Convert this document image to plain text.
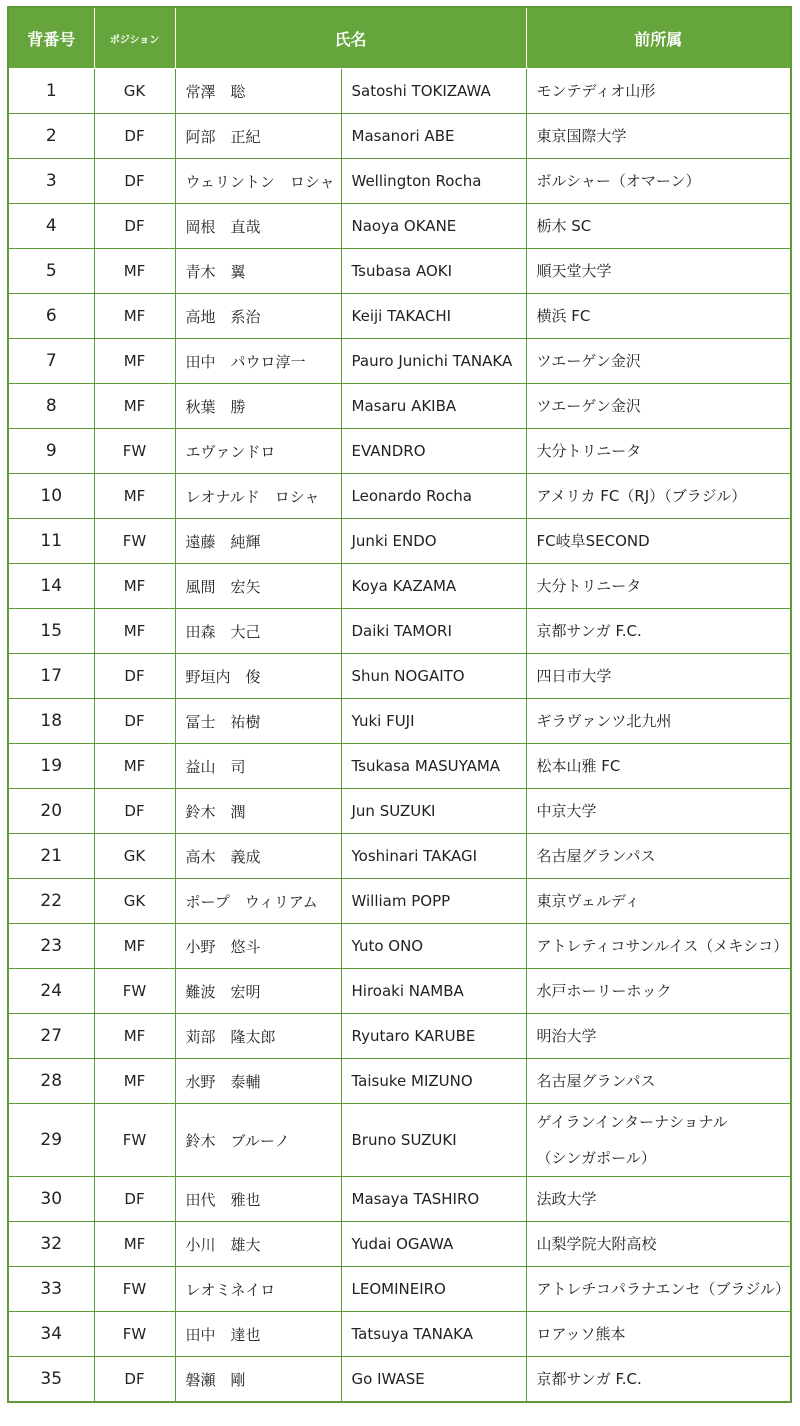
背番号	ポジション	氏名		前所属
1	GK	常澤　聡	Satoshi TOKIZAWA	モンテディオ山形
2	DF	阿部　正紀	Masanori ABE	東京国際大学
3	DF	ウェリントン　ロシャ	Wellington Rocha	ボルシャー（オマーン）
4	DF	岡根　直哉	Naoya OKANE	栃木 SC
5	MF	青木　翼	Tsubasa AOKI	順天堂大学
6	MF	高地　系治	Keiji TAKACHI	横浜 FC
7	MF	田中　パウロ淳一	Pauro Junichi TANAKA	ツエーゲン金沢
8	MF	秋葉　勝	Masaru AKIBA	ツエーゲン金沢
9	FW	エヴァンドロ	EVANDRO	大分トリニータ
10	MF	レオナルド　ロシャ	Leonardo Rocha	アメリカ FC（RJ）（ブラジル）
11	FW	遠藤　純輝	Junki ENDO	FC岐阜SECOND
14	MF	風間　宏矢	Koya KAZAMA	大分トリニータ
15	MF	田森　大己	Daiki TAMORI	京都サンガ F.C.
17	DF	野垣内　俊	Shun NOGAITO	四日市大学
18	DF	冨士　祐樹	Yuki FUJI	ギラヴァンツ北九州
19	MF	益山　司	Tsukasa MASUYAMA	松本山雅 FC
20	DF	鈴木　潤	Jun SUZUKI	中京大学
21	GK	高木　義成	Yoshinari TAKAGI	名古屋グランパス
22	GK	ポープ　ウィリアム	William POPP	東京ヴェルディ
23	MF	小野　悠斗	Yuto ONO	アトレティコサンルイス（メキシコ）
24	FW	難波　宏明	Hiroaki NAMBA	水戸ホーリーホック
27	MF	苅部　隆太郎	Ryutaro KARUBE	明治大学
28	MF	水野　泰輔	Taisuke MIZUNO	名古屋グランパス
29	FW	鈴木　ブルーノ	Bruno SUZUKI	ゲイランインターナショナル
（シンガポール）
30	DF	田代　雅也	Masaya TASHIRO	法政大学
32	MF	小川　雄大	Yudai OGAWA	山梨学院大附高校
33	FW	レオミネイロ	LEOMINEIRO	アトレチコパラナエンセ（ブラジル）
34	FW	田中　達也	Tatsuya TANAKA	ロアッソ熊本
35	DF	磐瀬　剛	Go IWASE	京都サンガ F.C.
